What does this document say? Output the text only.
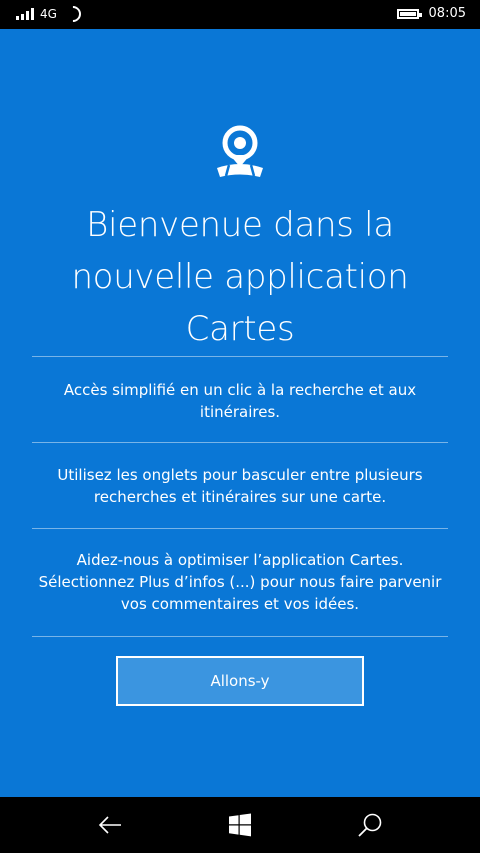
4G	08:05
Bienvenue dans la nouvelle application Cartes
Accès simplifié en un clic à la recherche et aux itinéraires.
Utilisez les onglets pour basculer entre plusieurs recherches et itinéraires sur une carte.
Aidez-nous à optimiser l’application Cartes. Sélectionnez Plus d’infos (...) pour nous faire parvenir vos commentaires et vos idées.
Allons-y
